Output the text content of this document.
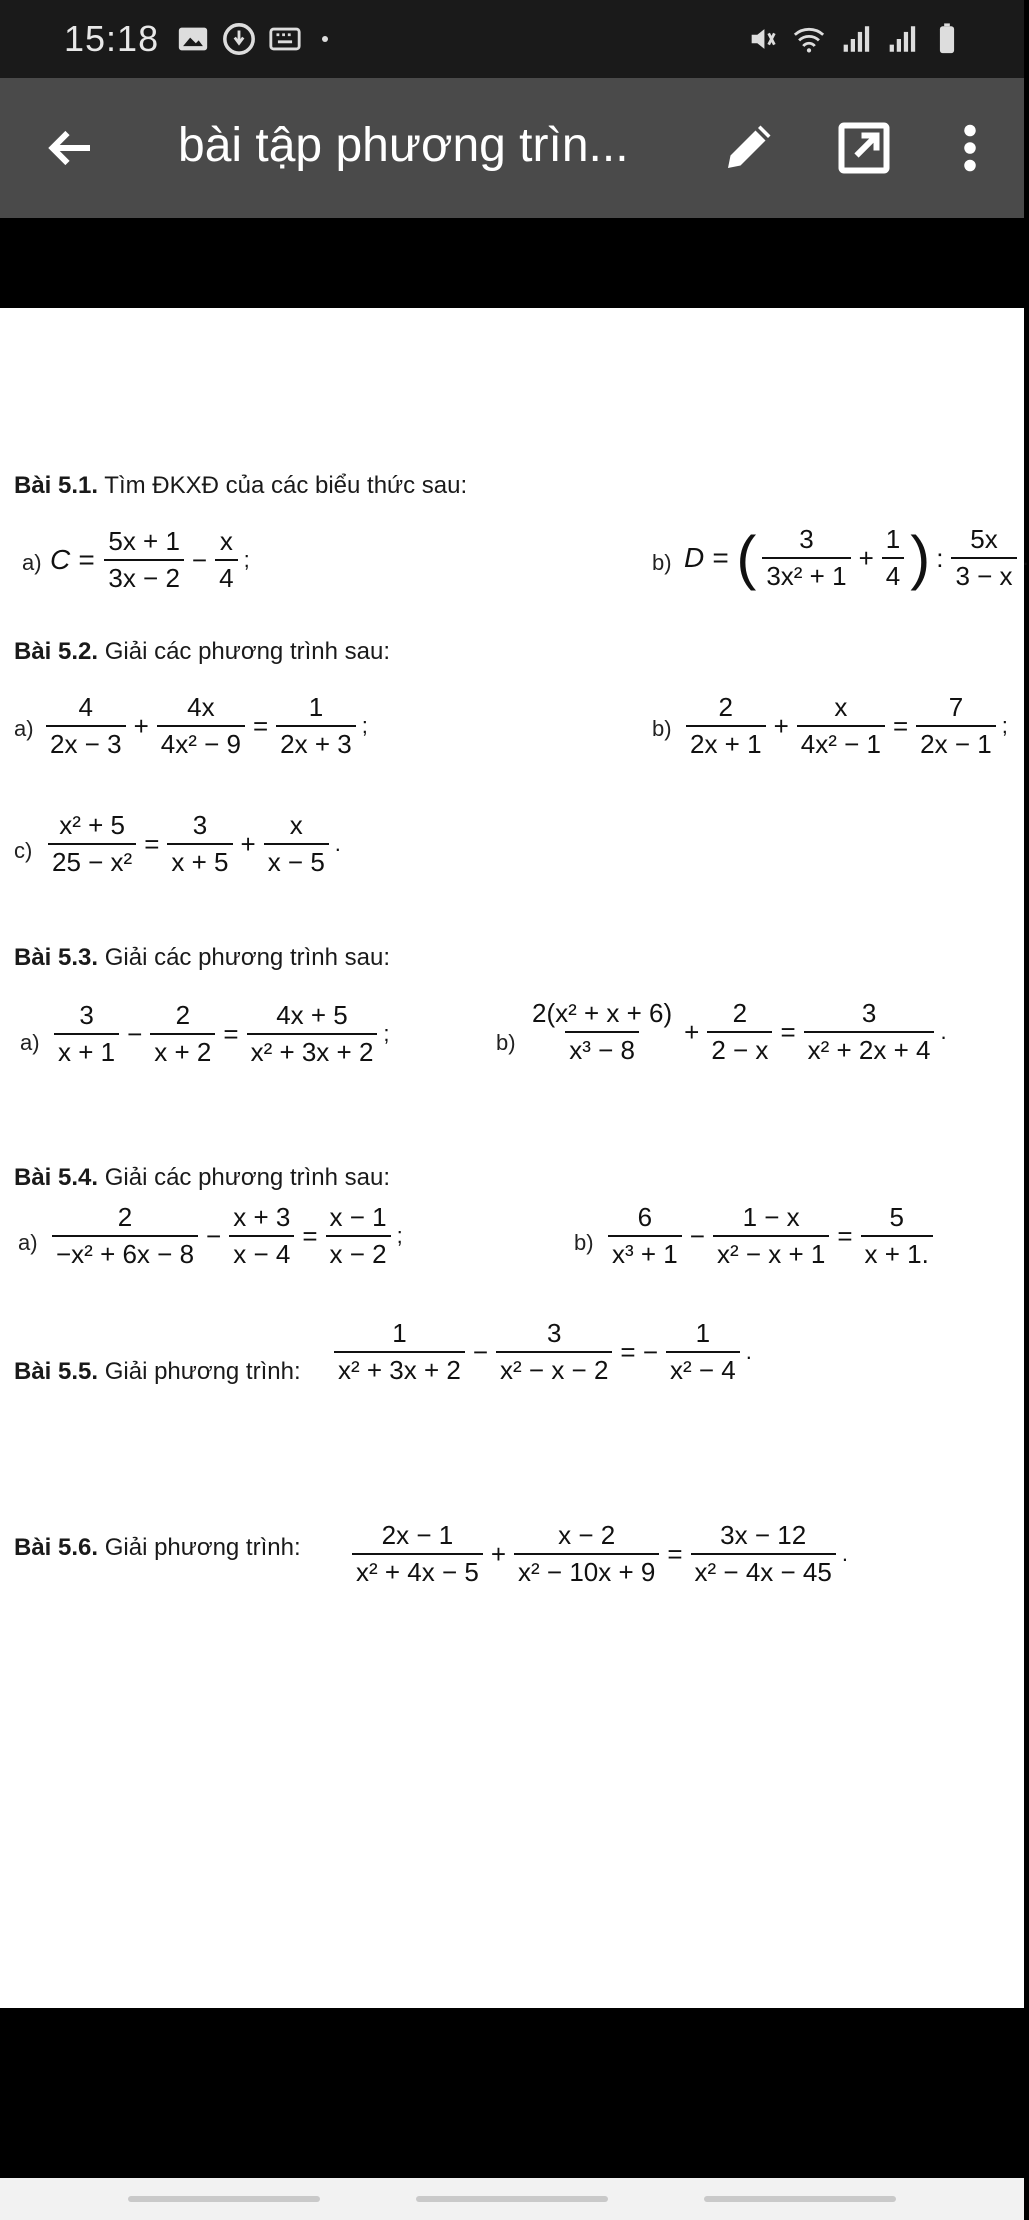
15:18
bài tập phương trìn...
Bài 5.1. Tìm ĐKXĐ của các biểu thức sau:
a) $C = \frac{5x + 1}{3x - 2} - \frac{x}{4}$ ;	b) D = ( $\frac{3}{\text{3x² + 1}} + \frac{1}{4}$ ) : $\frac{5x}{3 - x}$ .
Bài 5.2. Giải các phương trình sau:
$a) \frac{4}{2x - 3} + \frac{4x}{\text{4x² − 9}} = \frac{1}{2x + 3}$ ;	$b) \frac{2}{2x + 1} + \frac{x}{\text{4x² − 1}} = \frac{7}{2x - 1}$ ;
$c) \frac{\text{x² + 5}}{\text{25 − x²}} = \frac{3}{x + 5} + \frac{x}{x - 5}$ .
Bài 5.3. Giải các phương trình sau:
$a) \frac{3}{x + 1} - \frac{2}{x + 2} = \frac{4x + 5}{\text{x² + 3x + 2}}$ ;	$b) \frac{\text{2(x² + x + 6)}}{\text{x³ − 8}} + \frac{2}{2 - x} = \frac{3}{\text{x² + 2x + 4}}$ .
Bài 5.4. Giải các phương trình sau:
$a) \frac{2}{\text{−x² + 6x − 8}} - \frac{x + 3}{x - 4} = \frac{x - 1}{x - 2}$ ;	$b) \frac{6}{\text{x³ + 1}} - \frac{1 - x}{\text{x² − x + 1}} = \frac{5}{x + 1.}$
Bài 5.5. Giải phương trình: $\frac{1}{\text{x² + 3x + 2}} - \frac{3}{\text{x² − x − 2}}$ = − $\frac{1}{\text{x² − 4}}$ .
Bài 5.6. Giải phương trình: $\frac{2x - 1}{\text{x² + 4x − 5}} + \frac{x - 2}{\text{x² − 10x + 9}} = \frac{3x - 12}{\text{x² − 4x − 45}}$ .
